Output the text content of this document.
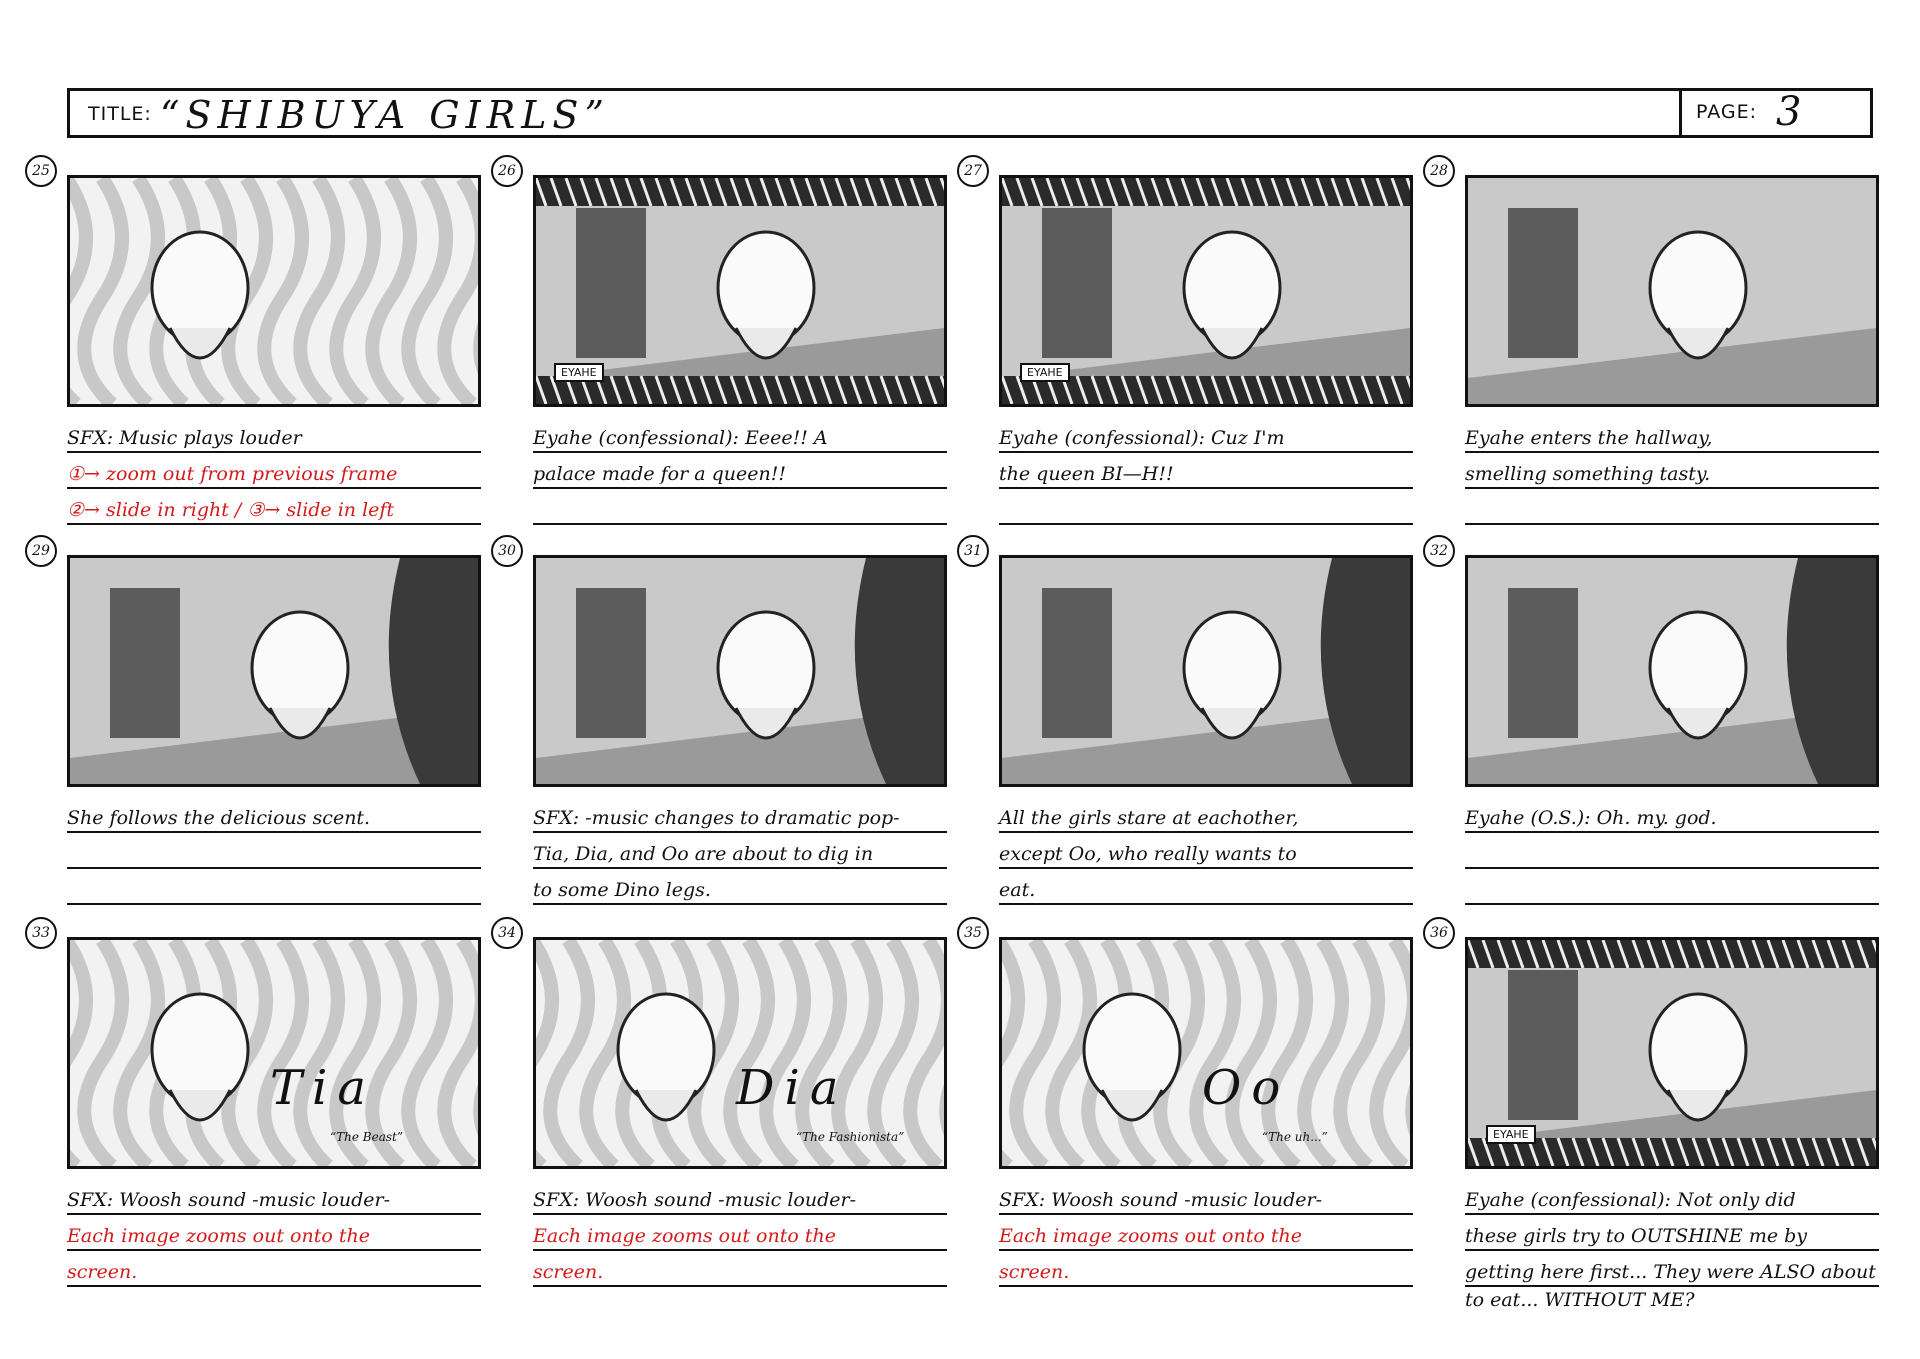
TITLE: “SHIBUYA GIRLS”	PAGE: 3
25
SFX: Music plays louder
①→ zoom out from previous frame
②→ slide in right / ③→ slide in left
26
EYAHE
Eyahe (confessional): Eeee!! A
palace made for a queen!!
27
EYAHE
Eyahe (confessional): Cuz I'm
the queen BI—H!!
28
Eyahe enters the hallway,
smelling something tasty.
29
She follows the delicious scent.
30
SFX: -music changes to dramatic pop-
Tia, Dia, and Oo are about to dig in
to some Dino legs.
31
All the girls stare at eachother,
except Oo, who really wants to
eat.
32
Eyahe (O.S.): Oh. my. god.
33
Tia
“The Beast”
SFX: Woosh sound -music louder-
Each image zooms out onto the
screen.
34
Dia
“The Fashionista”
SFX: Woosh sound -music louder-
Each image zooms out onto the
screen.
35
Oo
“The uh...”
SFX: Woosh sound -music louder-
Each image zooms out onto the
screen.
36
EYAHE
Eyahe (confessional): Not only did
these girls try to OUTSHINE me by
getting here first... They were ALSO about
to eat... WITHOUT ME?
